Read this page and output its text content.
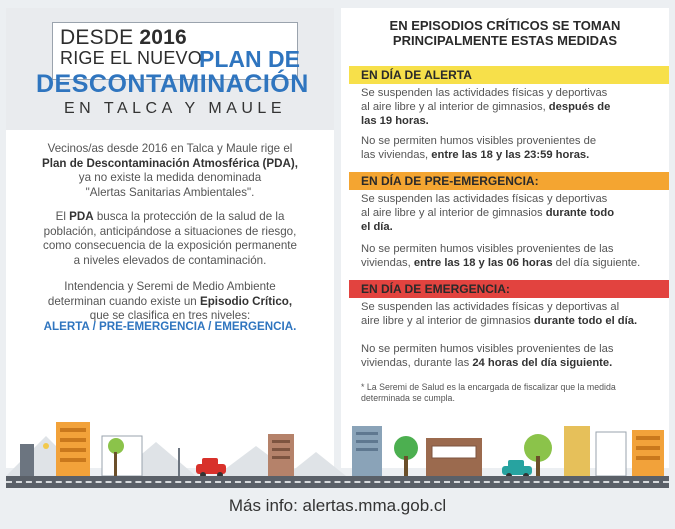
DESDE 2016
RIGE EL NUEVO
PLAN DE
DESCONTAMINACIÓN
EN TALCA Y MAULE
Vecinos/as desde 2016 en Talca y Maule rige el
Plan de Descontaminación Atmosférica (PDA),
ya no existe la medida denominada
"Alertas Sanitarias Ambientales".
El PDA busca la protección de la salud de la
población, anticipándose a situaciones de riesgo,
como consecuencia de la exposición permanente
a niveles elevados de contaminación.
Intendencia y Seremi de Medio Ambiente
determinan cuando existe un Episodio Crítico,
que se clasifica en tres niveles:
ALERTA / PRE-EMERGENCIA / EMERGENCIA.
EN EPISODIOS CRÍTICOS SE TOMAN
PRINCIPALMENTE ESTAS MEDIDAS
EN DÍA DE ALERTA
Se suspenden las actividades físicas y deportivas
al aire libre y al interior de gimnasios, después de
las 19 horas.
No se permiten humos visibles provenientes de
las viviendas, entre las 18 y las 23:59 horas.
EN DÍA DE PRE-EMERGENCIA:
Se suspenden las actividades físicas y deportivas
al aire libre y al interior de gimnasios durante todo
el día.
No se permiten humos visibles provenientes de las
viviendas, entre las 18 y las 06 horas del día siguiente.
EN DÍA DE EMERGENCIA:
Se suspenden las actividades físicas y deportivas al
aire libre y al interior de gimnasios durante todo el día.
No se permiten humos visibles provenientes de las
viviendas, durante las 24 horas del día siguiente.
* La Seremi de Salud es la encargada de fiscalizar que la medida
determinada se cumpla.
Más info: alertas.mma.gob.cl
